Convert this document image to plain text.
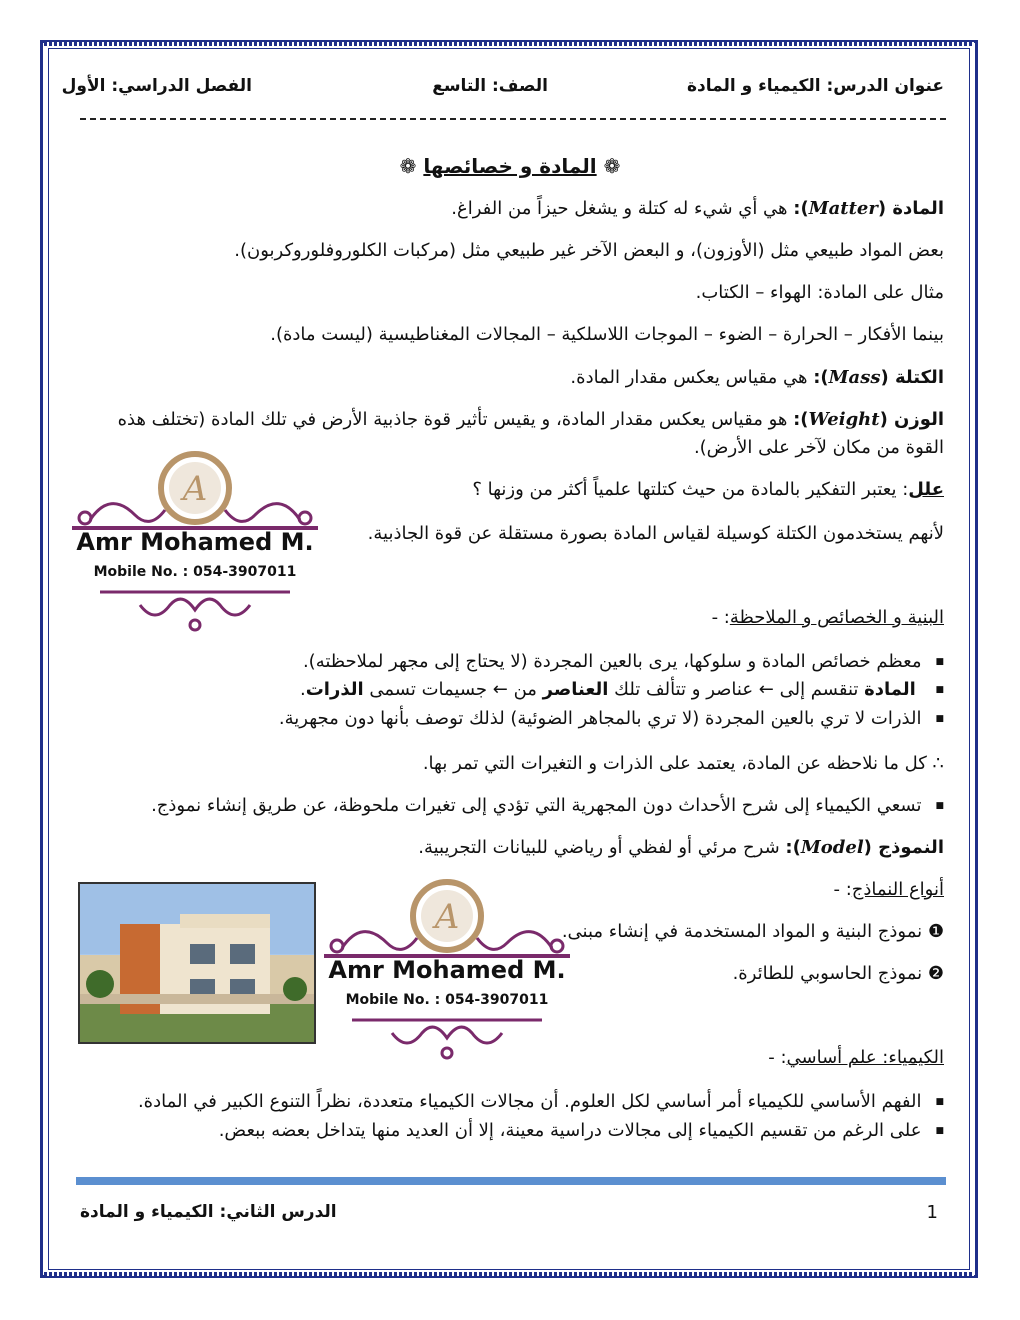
عنوان الدرس: الكيمياء و المادة
الصف: التاسع
الفصل الدراسي: الأول
❁ المادة و خصائصها ❁
المادة (Matter): هي أي شيء له كتلة و يشغل حيزاً من الفراغ.
بعض المواد طبيعي مثل (الأوزون)، و البعض الآخر غير طبيعي مثل (مركبات الكلوروفلوروكربون).
مثال على المادة: الهواء – الكتاب.
بينما الأفكار – الحرارة – الضوء – الموجات اللاسلكية – المجالات المغناطيسية (ليست مادة).
الكتلة (Mass): هي مقياس يعكس مقدار المادة.
الوزن (Weight): هو مقياس يعكس مقدار المادة، و يقيس تأثير قوة جاذبية الأرض في تلك المادة (تختلف هذه القوة من مكان لآخر على الأرض).
علل: يعتبر التفكير بالمادة من حيث كتلتها علمياً أكثر من وزنها ؟
لأنهم يستخدمون الكتلة كوسيلة لقياس المادة بصورة مستقلة عن قوة الجاذبية.
A
Amr Mohamed M.
Mobile No. : 054-3907011
البنية و الخصائص و الملاحظة: -
■ معظم خصائص المادة و سلوكها، يرى بالعين المجردة (لا يحتاج إلى مجهر لملاحظته).
■ المادة تنقسم إلى ← عناصر و تتألف تلك العناصر من ← جسيمات تسمى الذرات.
■ الذرات لا تري بالعين المجردة (لا تري بالمجاهر الضوئية) لذلك توصف بأنها دون مجهرية.
∴ كل ما نلاحظه عن المادة، يعتمد على الذرات و التغيرات التي تمر بها.
■ تسعي الكيمياء إلى شرح الأحداث دون المجهرية التي تؤدي إلى تغيرات ملحوظة، عن طريق إنشاء نموذج.
النموذج (Model): شرح مرئي أو لفظي أو رياضي للبيانات التجريبية.
أنواع النماذج: -
❶ نموذج البنية و المواد المستخدمة في إنشاء مبنى.
❷ نموذج الحاسوبي للطائرة.
A
Amr Mohamed M.
Mobile No. : 054-3907011
الكيمياء: علم أساسي: -
■ الفهم الأساسي للكيمياء أمر أساسي لكل العلوم. أن مجالات الكيمياء متعددة، نظراً التنوع الكبير في المادة.
■ على الرغم من تقسيم الكيمياء إلى مجالات دراسية معينة، إلا أن العديد منها يتداخل بعضه ببعض.
الدرس الثاني: الكيمياء و المادة	1
